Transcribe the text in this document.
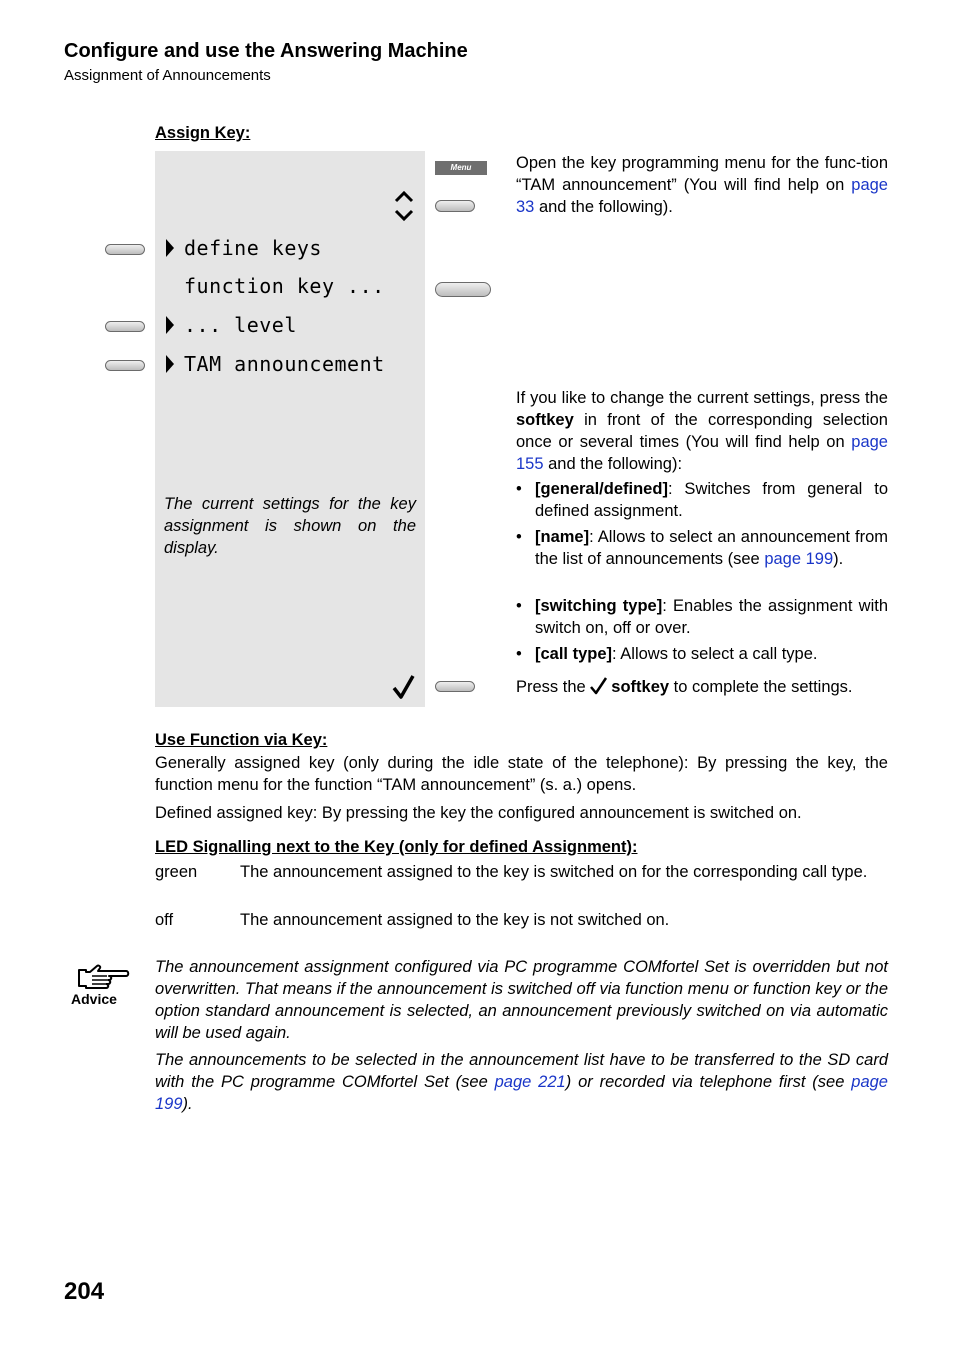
Configure and use the Answering Machine
Assignment of Announcements
Assign Key:
define keys
function key ...
... level
TAM announcement
The current settings for the key assignment is shown on the display.
Menu	Open the key programming menu for the func-tion “TAM announcement” (You will find help on page 33 and the following).
If you like to change the current settings, press the softkey in front of the corresponding selection once or several times (You will find help on page 155 and the following):
• [general/defined]: Switches from general to defined assignment.
• [name]: Allows to select an announcement from the list of announcements (see page 199).
• [switching type]: Enables the assignment with switch on, off or over.
• [call type]: Allows to select a call type.
Press the softkey to complete the settings.
Use Function via Key:
Generally assigned key (only during the idle state of the telephone): By pressing the key, the function menu for the function “TAM announcement” (s. a.) opens.
Defined assigned key: By pressing the key the configured announcement is switched on.
LED Signalling next to the Key (only for defined Assignment):
green	The announcement assigned to the key is switched on for the corresponding call type.
off	The announcement assigned to the key is not switched on.
Advice
The announcement assignment configured via PC programme COMfortel Set is overridden but not overwritten. That means if the announcement is switched off via function menu or function key or the option standard announcement is selected, an announcement previously switched on via automatic will be used again.
The announcements to be selected in the announcement list have to be transferred to the SD card with the PC programme COMfortel Set (see page 221) or recorded via telephone first (see page 199).
204
